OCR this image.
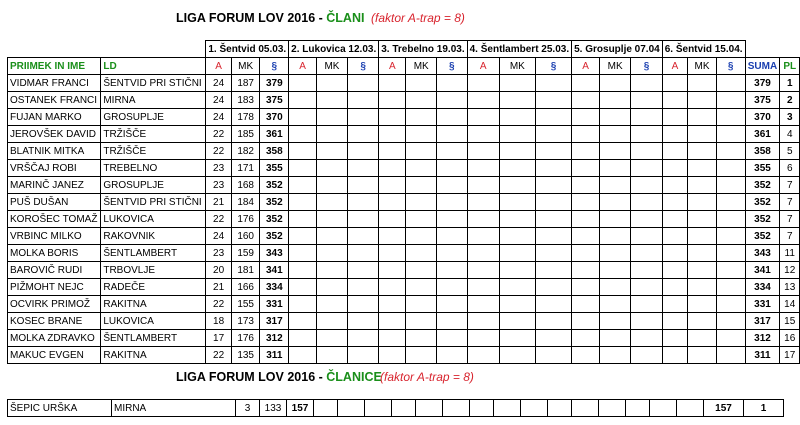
LIGA FORUM LOV 2016 - ČLANI (faktor A-trap = 8)
		1. Šentvid 05.03.			2. Lukovica 12.03.			3. Trebelno 19.03.			4. Šentlambert 25.03.			5. Grosuplje 07.04			6. Šentvid 15.04.				
PRIIMEK IN IME	LD	A	MK	§	A	MK	§	A	MK	§	A	MK	§	A	MK	§	A	MK	§	SUMA	PL
VIDMAR FRANCI	ŠENTVID PRI STIČNI	24	187	379																379	1
OSTANEK FRANCI	MIRNA	24	183	375																375	2
FUJAN MARKO	GROSUPLJE	24	178	370																370	3
JEROVŠEK DAVID	TRŽIŠČE	22	185	361																361	4
BLATNIK MITKA	TRŽIŠČE	22	182	358																358	5
VRŠČAJ ROBI	TREBELNO	23	171	355																355	6
MARINČ JANEZ	GROSUPLJE	23	168	352																352	7
PUŠ DUŠAN	ŠENTVID PRI STIČNI	21	184	352																352	7
KOROŠEC TOMAŽ	LUKOVICA	22	176	352																352	7
VRBINC MILKO	RAKOVNIK	24	160	352																352	7
MOLKA BORIS	ŠENTLAMBERT	23	159	343																343	11
BAROVIČ RUDI	TRBOVLJE	20	181	341																341	12
PIŽMOHT NEJC	RADEČE	21	166	334																334	13
OCVIRK PRIMOŽ	RAKITNA	22	155	331																331	14
KOSEC BRANE	LUKOVICA	18	173	317																317	15
MOLKA ZDRAVKO	ŠENTLAMBERT	17	176	312																312	16
MAKUC EVGEN	RAKITNA	22	135	311																311	17
LIGA FORUM LOV 2016 - ČLANICE
(faktor A-trap = 8)
ŠEPIC URŠKA	MIRNA	3	133	157																157	1
